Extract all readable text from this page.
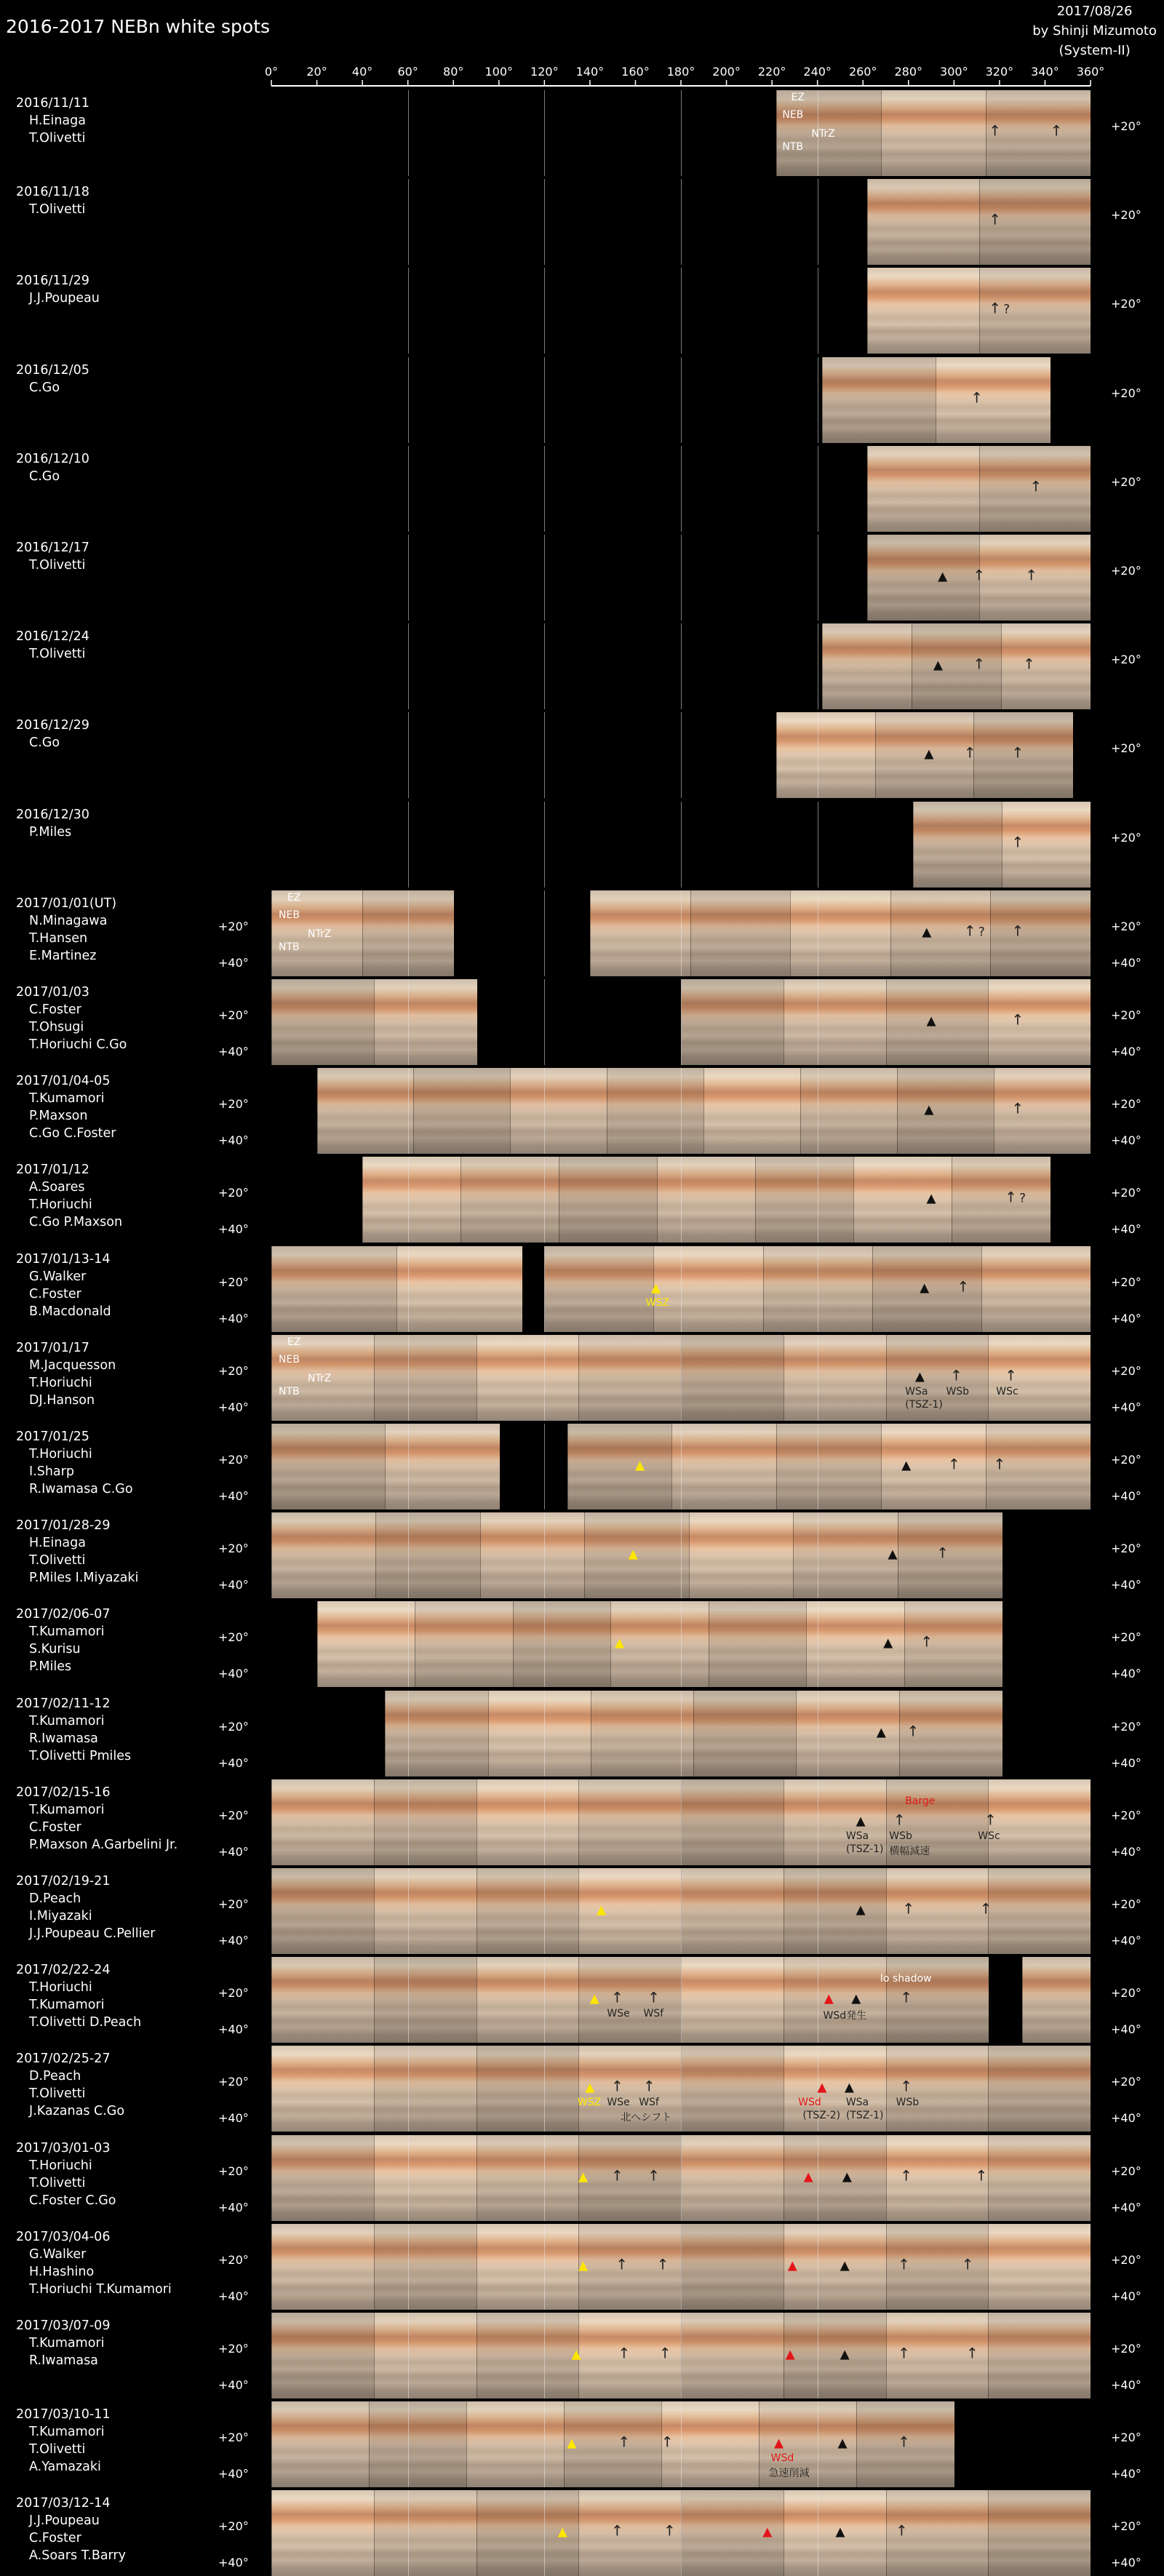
2016-2017 NEBn white spots
2017/08/26
by Shinji Mizumoto
(System-II)
0° 20° 40° 60° 80° 100° 120° 140° 160° 180° 200° 220° 240° 260° 280° 300° 320° 340° 360°
2016/11/11
H.Einaga
T.Olivetti
+20°
EZ
NEB
NTrZ
NTB
↑	↑
2016/11/18
T.Olivetti	+20°
↑
2016/11/29
J.J.Poupeau	+20°
↑ ?
2016/12/05
C.Go	+20°
↑
2016/12/10
C.Go	+20°
↑
2016/12/17
T.Olivetti	+20°
↑	↑
▲
2016/12/24
T.Olivetti	+20°
↑	↑
▲
2016/12/29
C.Go	+20°
↑ ↑
▲
2016/12/30
P.Miles	+20°
↑
2017/01/01(UT)
N.Minagawa
T.Hansen
E.Martinez
+20°
+20°
+40°	+40°
EZ
NEB
NTrZ
NTB
↑ ↑
?
▲
2017/01/03
C.Foster
T.Ohsugi
T.Horiuchi C.Go
+20°
+20°
+40°	+40°
↑
▲
2017/01/04-05
T.Kumamori
P.Maxson
C.Go C.Foster
+20°
+20°
+40°	+40°
↑
▲
2017/01/12
A.Soares
T.Horiuchi
C.Go P.Maxson
+20°
+20°
+40°	+40°
↑ ?
▲
2017/01/13-14
G.Walker
C.Foster
B.Macdonald
+20°
+20°
+40°	+40°
↑
▲	▲
WSZ
2017/01/17
M.Jacquesson
T.Horiuchi
DJ.Hanson
+20°
+20°
+40°	+40°
EZ
NEB
NTrZ
NTB
↑	↑
▲
WSa
(TSZ-1)
WSb	WSc
2017/01/25
T.Horiuchi
I.Sharp
R.Iwamasa C.Go
+20°
+20°
+40°	+40°
↑ ↑
▲	▲
2017/01/28-29
H.Einaga
T.Olivetti
P.Miles I.Miyazaki
+20°
+20°
+40°	+40°
↑
▲	▲
2017/02/06-07
T.Kumamori
S.Kurisu
P.Miles
+20°
+20°
+40°	+40°
↑
▲	▲
2017/02/11-12
T.Kumamori
R.Iwamasa
T.Olivetti Pmiles
+20°
+20°
+40°	+40°
↑
▲
2017/02/15-16
T.Kumamori
C.Foster
P.Maxson A.Garbelini Jr.
+20°
+20°
+40°	+40°
↑	↑
▲
WSa
(TSZ-1)
WSb
横幅減速
WSc
Barge
2017/02/19-21
D.Peach
I.Miyazaki
J.J.Poupeau C.Pellier
+20°
+20°
+40°	+40°
↑	↑
▲	▲
2017/02/22-24
T.Horiuchi
T.Kumamori
T.Olivetti D.Peach
+20°
+20°
+40°	+40°
↑ ↑	↑
▲	▲ ▲
WSe WSf	WSd発生
Io shadow
2017/02/25-27
D.Peach
T.Olivetti
J.Kazanas C.Go
+20°
+20°
+40°	+40°
↑ ↑	↑
▲	▲ ▲
WSZ WSe WSf
北へシフト
WSd
(TSZ-2)
WSa
(TSZ-1)
WSb
2017/03/01-03
T.Horiuchi
T.Olivetti
C.Foster C.Go
+20°
+20°
+40°	+40°
↑ ↑	↑	↑
▲	▲ ▲
2017/03/04-06
G.Walker
H.Hashino
T.Horiuchi T.Kumamori
+20°
+20°
+40°	+40°
↑ ↑	↑	↑
▲	▲	▲
2017/03/07-09
T.Kumamori
R.Iwamasa
+20°
+20°
+40°	+40°
↑ ↑	↑	↑
▲	▲	▲
2017/03/10-11
T.Kumamori
T.Olivetti
A.Yamazaki
+20°
+20°
+40°	+40°
↑ ↑	↑
▲	▲	▲
WSd
急速削減
2017/03/12-14
J.J.Poupeau
C.Foster
A.Soars T.Barry
+20°
+20°
+40°	+40°
↑	↑	↑
▲	▲	▲
